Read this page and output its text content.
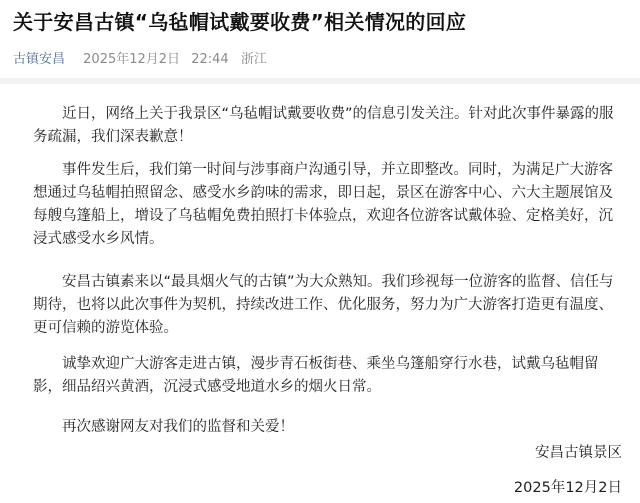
关于安昌古镇“乌毡帽试戴要收费”相关情况的回应
古镇安昌 2025年12月2日 22:44 浙江

近日，网络上关于我景区“乌毡帽试戴要收费”的信息引发关注。针对此次事件暴露的服务疏漏，我们深表歉意！

事件发生后，我们第一时间与涉事商户沟通引导，并立即整改。同时，为满足广大游客想通过乌毡帽拍照留念、感受水乡韵味的需求，即日起，景区在游客中心、六大主题展馆及每艘乌篷船上，增设了乌毡帽免费拍照打卡体验点，欢迎各位游客试戴体验、定格美好，沉浸式感受水乡风情。

安昌古镇素来以“最具烟火气的古镇”为大众熟知。我们珍视每一位游客的监督、信任与期待，也将以此次事件为契机，持续改进工作、优化服务，努力为广大游客打造更有温度、更可信赖的游览体验。

诚挚欢迎广大游客走进古镇，漫步青石板街巷、乘坐乌篷船穿行水巷，试戴乌毡帽留影，细品绍兴黄酒，沉浸式感受地道水乡的烟火日常。

再次感谢网友对我们的监督和关爱！

安昌古镇景区
2025年12月2日
